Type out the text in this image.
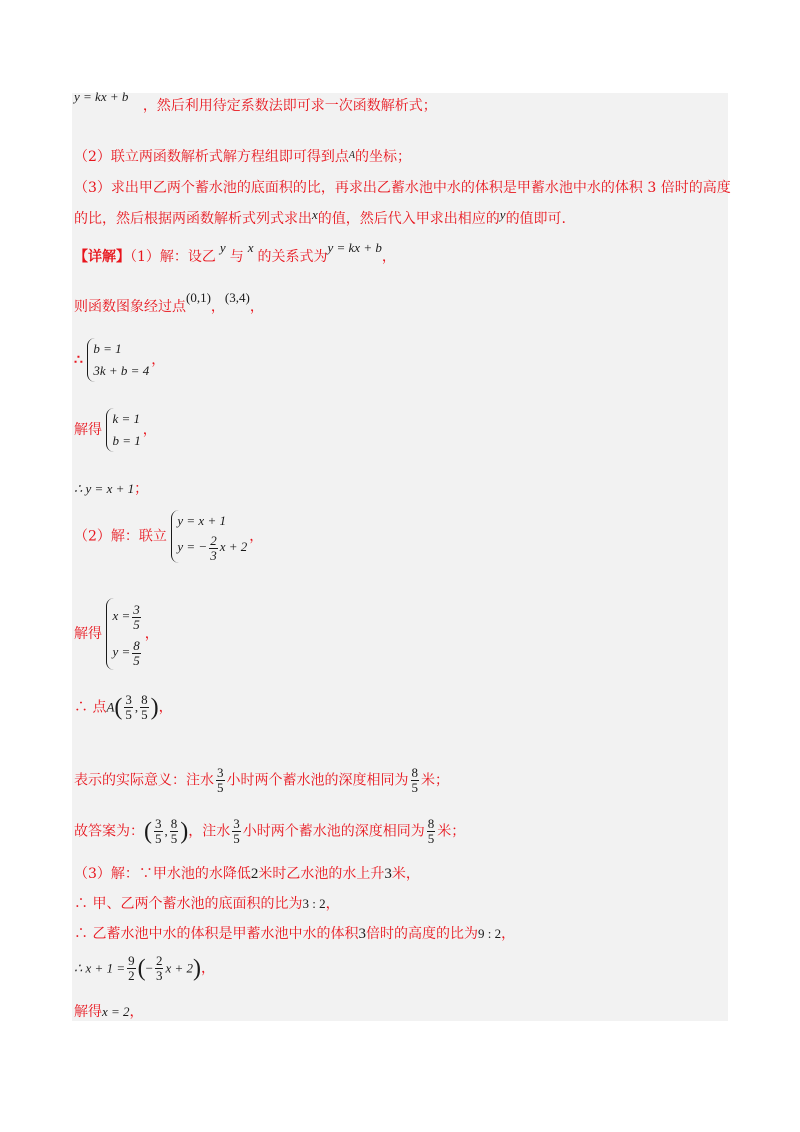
y = kx + b ，然后利用待定系数法即可求一次函数解析式；
（2）联立两函数解析式解方程组即可得到点$^A$的坐标；
（3）求出甲乙两个蓄水池的底面积的比，再求出乙蓄水池中水的体积是甲蓄水池中水的体积 3 倍时的高度
的比，然后根据两函数解析式列式求出x的值，然后代入甲求出相应的y的值即可.
【详解】（1）解：设乙y与x的关系式为y = kx + b，
则函数图象经过点(0,1)，(3,4)，
∴
b = 1
3k + b = 4
，
解得
k = 1
b = 1
，
∴ y = x + 1；
（2）解：联立
y = x + 1
y = − $\frac{2}{3}$ x + 2
，
解得
$x = \frac{3}{5}$
$y = \frac{8}{5}$
，
∴ 点$A( \frac{3}{5}$ , $\frac{8}{5}$ )，
表示的实际意义：注水 $\frac{3}{5}$ 小时两个蓄水池的深度相同为 $\frac{8}{5}$ 米；
故答案为：( $\frac{3}{5}$ , $\frac{8}{5}$ )，注水 $\frac{3}{5}$ 小时两个蓄水池的深度相同为 $\frac{8}{5}$ 米；
（3）解：∵甲水池的水降低2米时乙水池的水上升3米，
∴ 甲、乙两个蓄水池的底面积的比为3 : 2，
∴ 乙蓄水池中水的体积是甲蓄水池中水的体积3倍时的高度的比为9 : 2，
∴ $x + 1 = \frac{9}{2}$ (− $\frac{2}{3}$ x + 2)，
解得x = 2，
